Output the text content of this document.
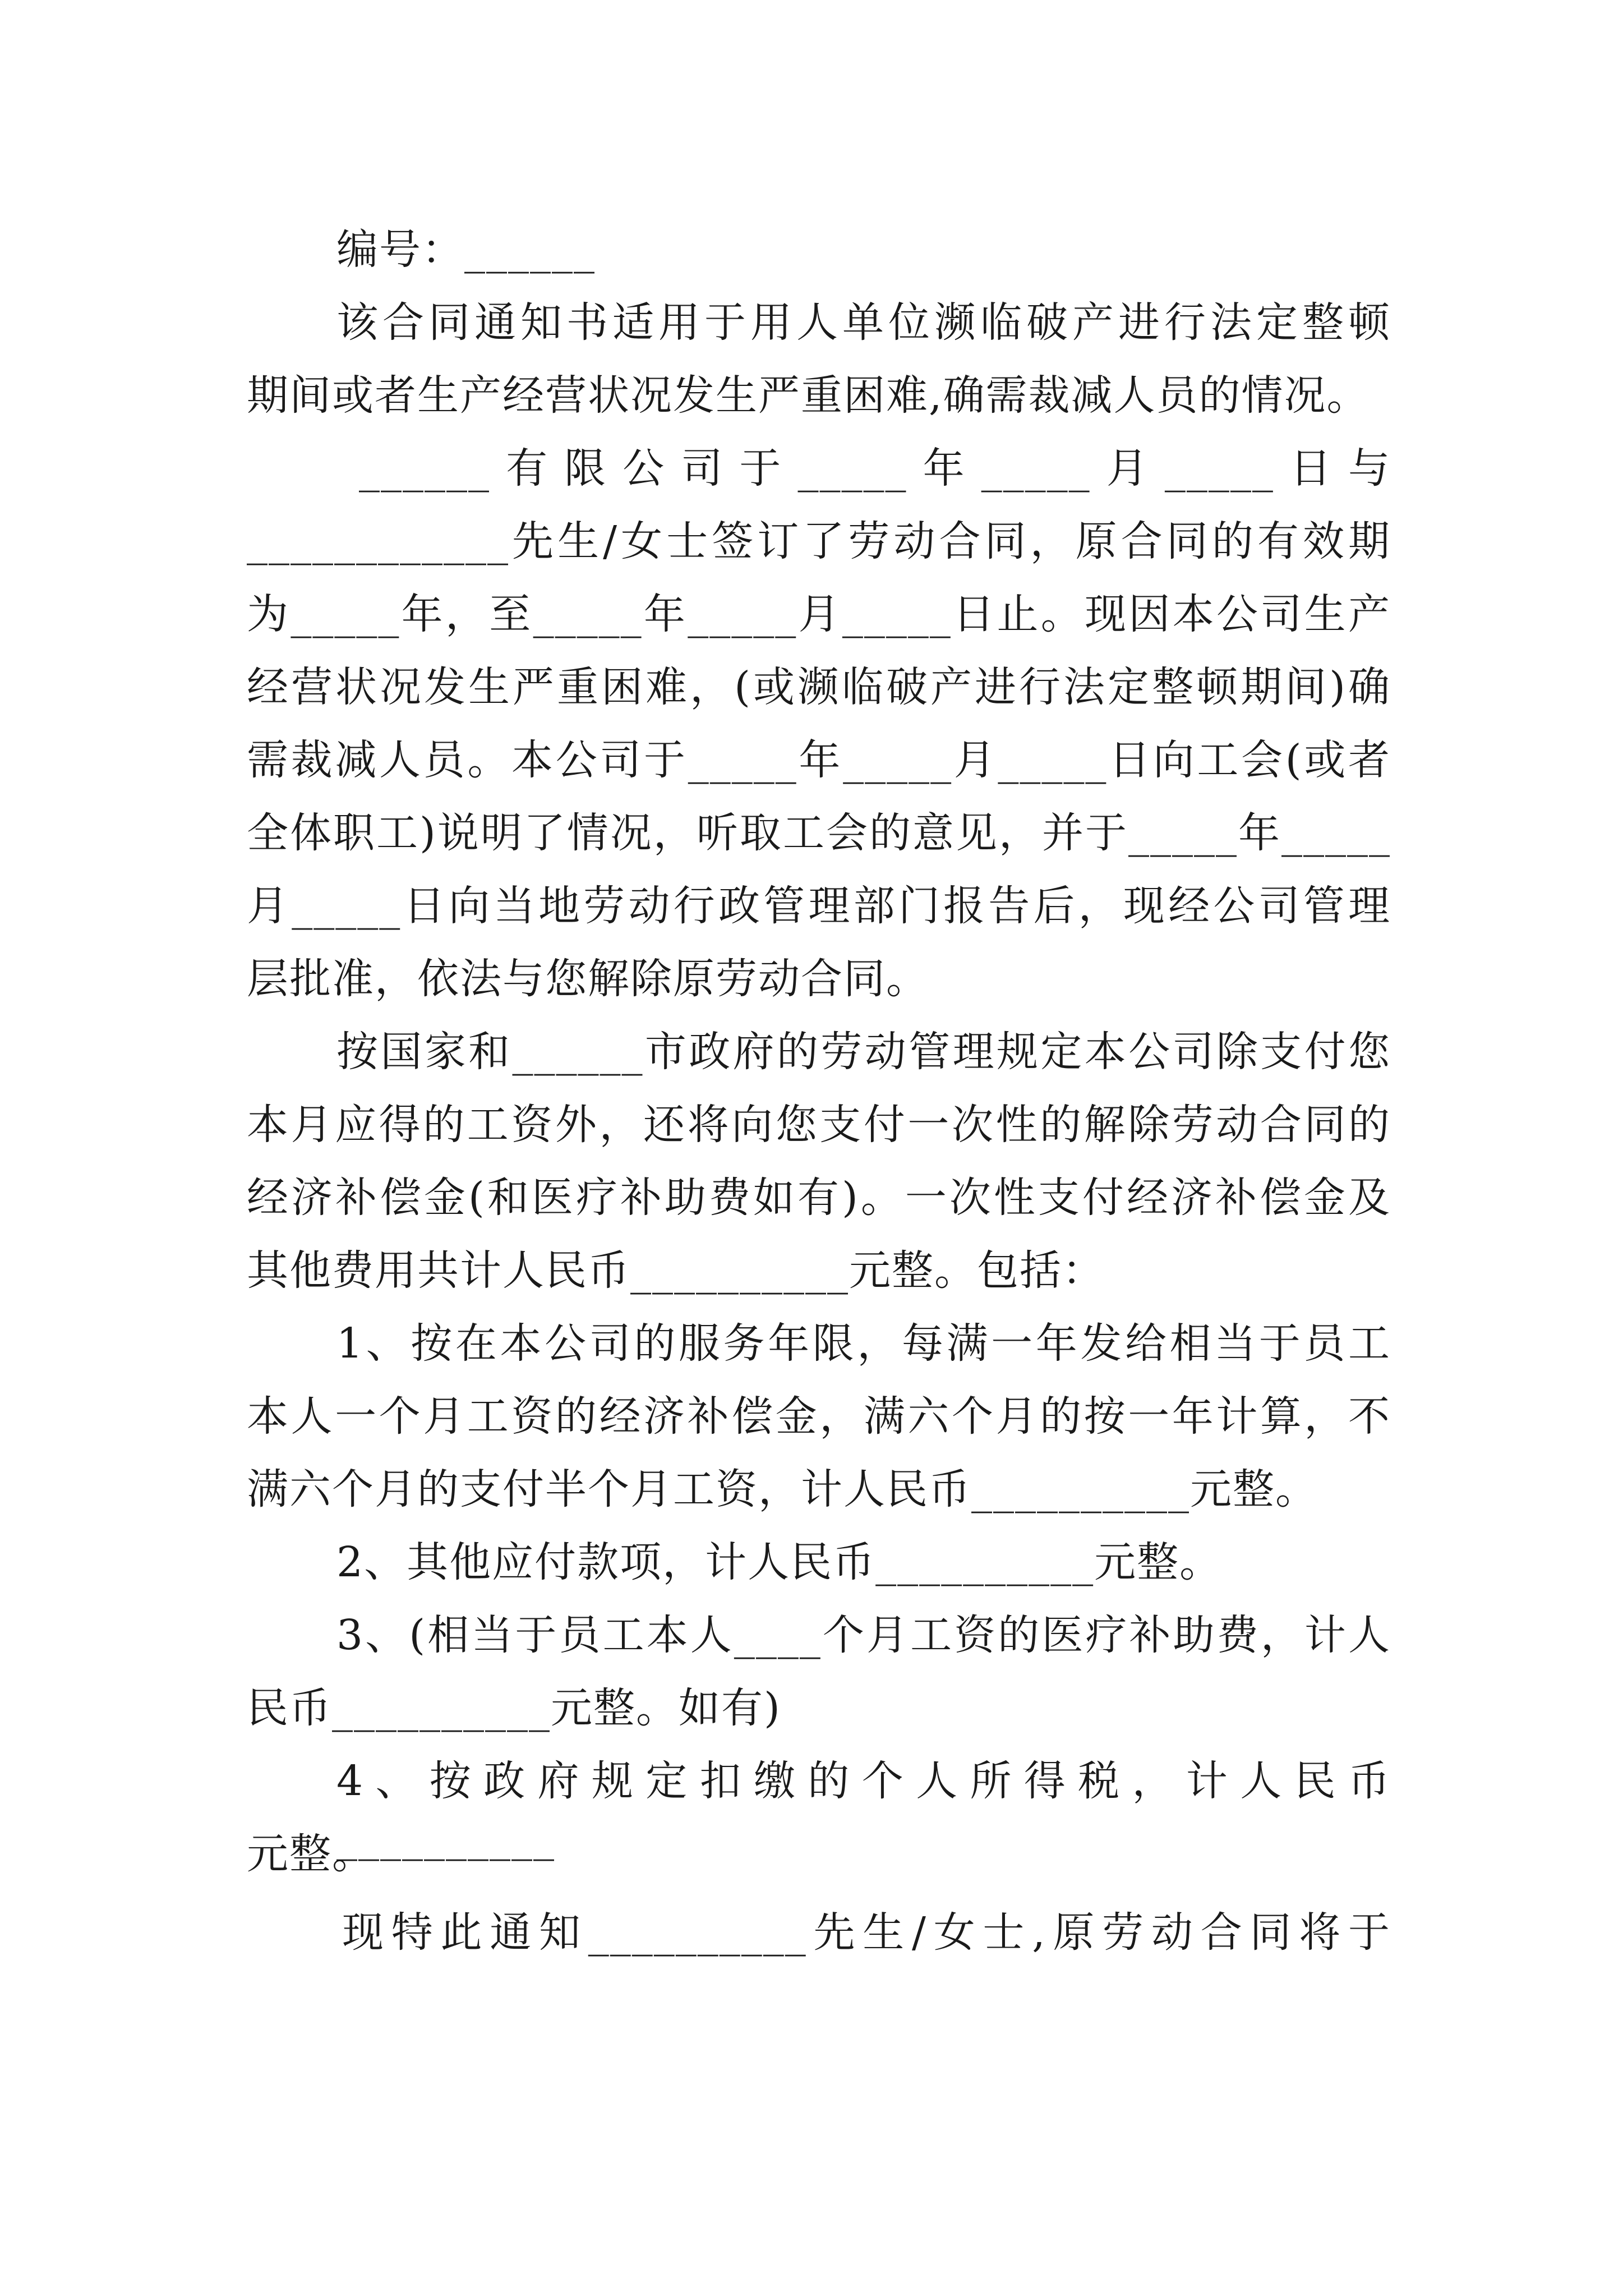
编号：______
该合同通知书适用于用人单位濒临破产进行法定整顿
期间或者生产经营状况发生严重困难,确需裁减人员的情况。
______有限公司于_____年_____月_____日与
____________先生/女士签订了劳动合同，原合同的有效期
为_____年，至_____年_____月_____日止。现因本公司生产
经营状况发生严重困难，(或濒临破产进行法定整顿期间)确
需裁减人员。本公司于_____年_____月_____日向工会(或者
全体职工)说明了情况，听取工会的意见，并于_____年_____
月_____日向当地劳动行政管理部门报告后，现经公司管理
层批准，依法与您解除原劳动合同。
按国家和______市政府的劳动管理规定本公司除支付您
本月应得的工资外，还将向您支付一次性的解除劳动合同的
经济补偿金(和医疗补助费如有)。一次性支付经济补偿金及
其他费用共计人民币__________元整。包括：
1、按在本公司的服务年限，每满一年发给相当于员工
本人一个月工资的经济补偿金，满六个月的按一年计算，不
满六个月的支付半个月工资，计人民币__________元整。
2、其他应付款项，计人民币__________元整。
3、(相当于员工本人____个月工资的医疗补助费，计人
民币__________元整。如有)
4、按政府规定扣缴的个人所得税，计人民币__________
元整。
现特此通知__________先生/女士,原劳动合同将于
